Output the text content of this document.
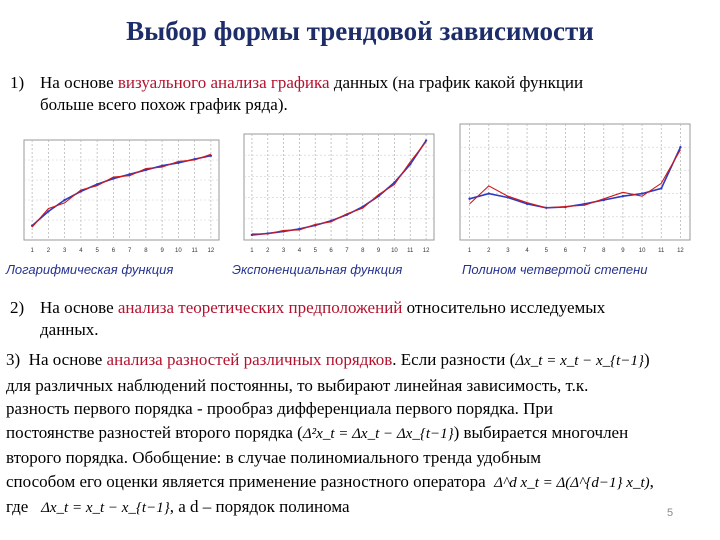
Выбор формы трендовой зависимости
1) На основе визуального анализа графика данных (на график какой функции
больше всего похож график ряда).
1 2 3 4 5 6 7 8 9 10 11 12	1 2 3 4 5 6 7 8 9 10 11 12	1	2	3	4	5	6	7	8	9 10 11 12
Логарифмическая функция	Экспоненциальная функция	Полином четвертой степени
2) На основе анализа теоретических предположений относительно исследуемых
данных.
3) На основе анализа разностей различных порядков. Если разности (Δx_t = x_t − x_{t−1})
для различных наблюдений постоянны, то выбирают линейная зависимость, т.к.
разность первого порядка - прообраз дифференциала первого порядка. При
постоянстве разностей второго порядка (Δ²x_t = Δx_t − Δx_{t−1}) выбирается многочлен
второго порядка. Обобщение: в случае полиномиального тренда удобным
способом его оценки является применение разностного оператора Δ^d x_t = Δ(Δ^{d−1} x_t),
где Δx_t = x_t − x_{t−1}, а d – порядок полинома	5
